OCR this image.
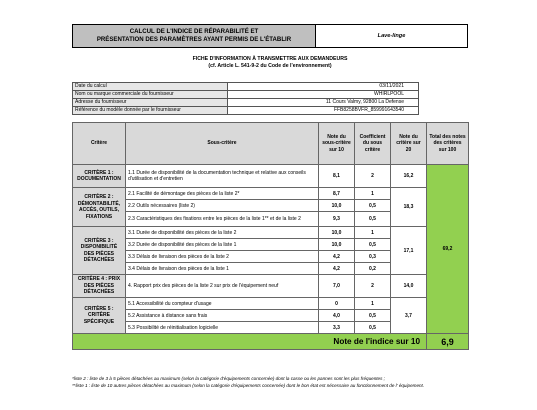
CALCUL DE L'INDICE DE RÉPARABILITÉ ET
PRÉSENTATION DES PARAMÈTRES AYANT PERMIS DE L'ÉTABLIR	Lave-linge
FICHE D'INFORMATION À TRANSMETTRE AUX DEMANDEURS
(cf. Article L. 541-9-2 du Code de l'environnement)
Date du calcul	03/11/2021
Nom ou marque commerciale du fournisseur	WHIRLPOOL
Adresse du fournisseur	11 Cours Valmy, 92800 La Defense
Référence du modèle donnée par le fournisseur	FFB8258BVFR_859991643540
Critère	Sous-critère	Note du sous-critère sur 10	Coefficient du sous critère	Note du critère sur 20	Total des notes des critères sur 100
CRITÈRE 1 : DOCUMENTATION	1.1 Durée de disponibilité de la documentation technique et relative aux conseils d'utilisation et d'entretien	8,1	2	16,2	69,2
CRITÈRE 2 : DÉMONTABILITÉ, ACCÈS, OUTILS, FIXATIONS	2.1 Facilité de démontage des pièces de la liste 2*	8,7	1	18,3	
	2.2 Outils nécessaires (liste 2)	10,0	0,5		
	2.3 Caractéristiques des fixations entre les pièces de la liste 1** et de la liste 2	9,3	0,5		
CRITÈRE 3 : DISPONIBILITÉ DES PIÈCES DÉTACHÉES	3.1 Durée de disponibilité des pièces de la liste 2	10,0	1	17,1	
	3.2 Durée de disponibilité des pièces de la liste 1	10,0	0,5		
	3.3 Délais de livraison des pièces de la liste 2	4,2	0,3		
	3.4 Délais de livraison des pièces de la liste 1	4,2	0,2		
CRITÈRE 4 : PRIX DES PIÈCES DÉTACHÉES	4. Rapport prix des pièces de la liste 2 sur prix de l'équipement neuf	7,0	2	14,0	
CRITÈRE 5 : CRITÈRE SPÉCIFIQUE	5.1 Accessibilité du compteur d'usage	0	1	3,7	
	5.2 Assistance à distance sans frais	4,0	0,5		
	5.3 Possibilité de réinitialisation logicielle	3,3	0,5		
Note de l'indice sur 10					6,9
*liste 2 : liste de 3 à 5 pièces détachées au maximum (selon la catégorie d'équipements concernée) dont la casse ou les pannes sont les plus fréquentes ;
**liste 1 : liste de 10 autres pièces détachées au maximum (selon la catégorie d'équipements concernée) dont le bon état est nécessaire au fonctionnement de l' équipement.
